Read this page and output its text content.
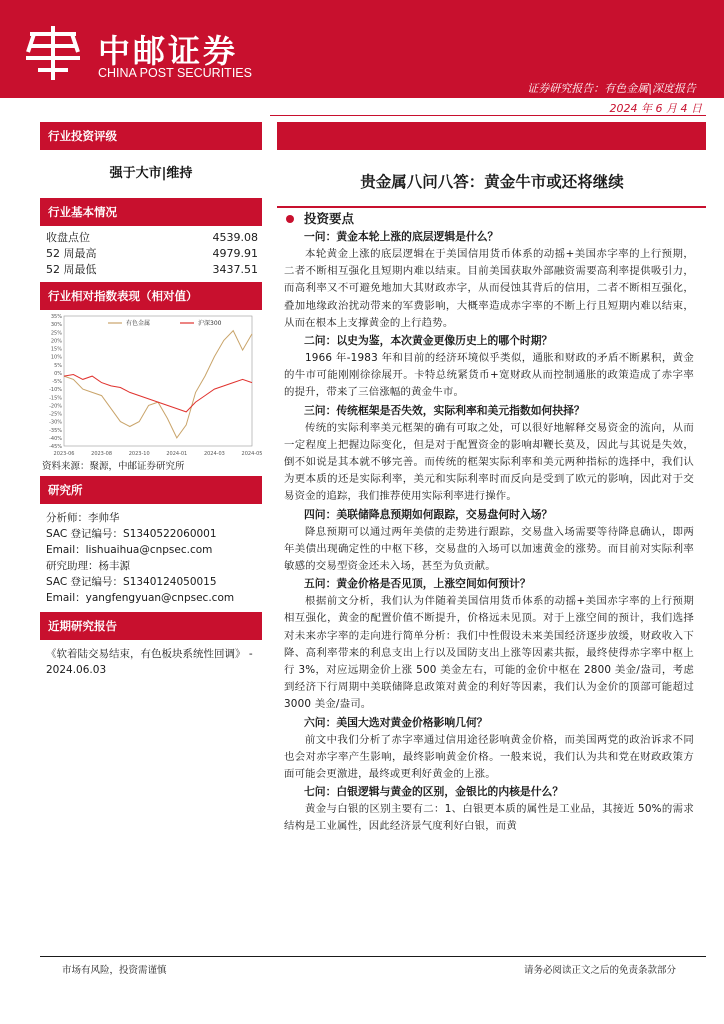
中邮证券
CHINA POST SECURITIES
证券研究报告：有色金属|深度报告
2024 年 6 月 4 日
行业投资评级
强于大市|维持
行业基本情况
收盘点位	4539.08
52 周最高	4979.91
52 周最低	3437.51
行业相对指数表现（相对值）
35%
30%
25%
20%
15%
10%
5%
0%
-5%
-10%
-15%
-20%
-25%
-30%
-35%
-40%
-45%
2023-06	2023-08	2023-10	2024-01	2024-03	2024-05
有色金属	沪深300
资料来源：聚源，中邮证券研究所
研究所
分析师：李帅华
SAC 登记编号：S1340522060001
Email：lishuaihua@cnpsec.com
研究助理：杨丰源
SAC 登记编号：S1340124050015
Email：yangfengyuan@cnpsec.com
近期研究报告
《软着陆交易结束，有色板块系统性回调》 - 2024.06.03
贵金属八问八答：黄金牛市或还将继续
投资要点
一问：黄金本轮上涨的底层逻辑是什么？
本轮黄金上涨的底层逻辑在于美国信用货币体系的动摇+美国赤字率的上行预期，二者不断相互强化且短期内难以结束。目前美国获取外部融资需要高利率提供吸引力，而高利率又不可避免地加大其财政赤字，从而侵蚀其背后的信用，二者不断相互强化，叠加地缘政治扰动带来的军费影响，大概率造成赤字率的不断上行且短期内难以结束，从而在根本上支撑黄金的上行趋势。
二问：以史为鉴，本次黄金更像历史上的哪个时期？
1966 年-1983 年和目前的经济环境似乎类似，通胀和财政的矛盾不断累积，黄金的牛市可能刚刚徐徐展开。卡特总统紧货币+宽财政从而控制通胀的政策造成了赤字率的提升，带来了三倍涨幅的黄金牛市。
三问：传统框架是否失效，实际利率和美元指数如何抉择？
传统的实际利率美元框架的确有可取之处，可以很好地解释交易资金的流向，从而一定程度上把握边际变化，但是对于配置资金的影响却鞭长莫及，因此与其说是失效，倒不如说是其本就不够完善。而传统的框架实际利率和美元两种指标的选择中，我们认为更本质的还是实际利率，美元和实际利率时而反向是受到了欧元的影响，因此对于交易资金的追踪，我们推荐使用实际利率进行操作。
四问：美联储降息预期如何跟踪，交易盘何时入场？
降息预期可以通过两年美债的走势进行跟踪，交易盘入场需要等待降息确认，即两年美债出现确定性的中枢下移，交易盘的入场可以加速黄金的涨势。而目前对实际利率敏感的交易型资金还未入场，甚至为负贡献。
五问：黄金价格是否见顶，上涨空间如何预计？
根据前文分析，我们认为伴随着美国信用货币体系的动摇+美国赤字率的上行预期相互强化，黄金的配置价值不断提升，价格远未见顶。对于上涨空间的预计，我们选择对未来赤字率的走向进行简单分析：我们中性假设未来美国经济逐步放缓，财政收入下降、高利率带来的利息支出上行以及国防支出上涨等因素共振，最终使得赤字率中枢上行 3%，对应远期金价上涨 500 美金左右，可能的金价中枢在 2800 美金/盎司，考虑到经济下行周期中美联储降息政策对黄金的利好等因素，我们认为金价的顶部可能超过 3000 美金/盎司。
六问：美国大选对黄金价格影响几何？
前文中我们分析了赤字率通过信用途径影响黄金价格，而美国两党的政治诉求不同也会对赤字率产生影响，最终影响黄金价格。一般来说，我们认为共和党在财政政策方面可能会更激进，最终或更利好黄金的上涨。
七问：白银逻辑与黄金的区别，金银比的内核是什么？
黄金与白银的区别主要有二：1、白银更本质的属性是工业品，其接近 50%的需求结构是工业属性，因此经济景气度利好白银，而黄
市场有风险，投资需谨慎	请务必阅读正文之后的免责条款部分
1
